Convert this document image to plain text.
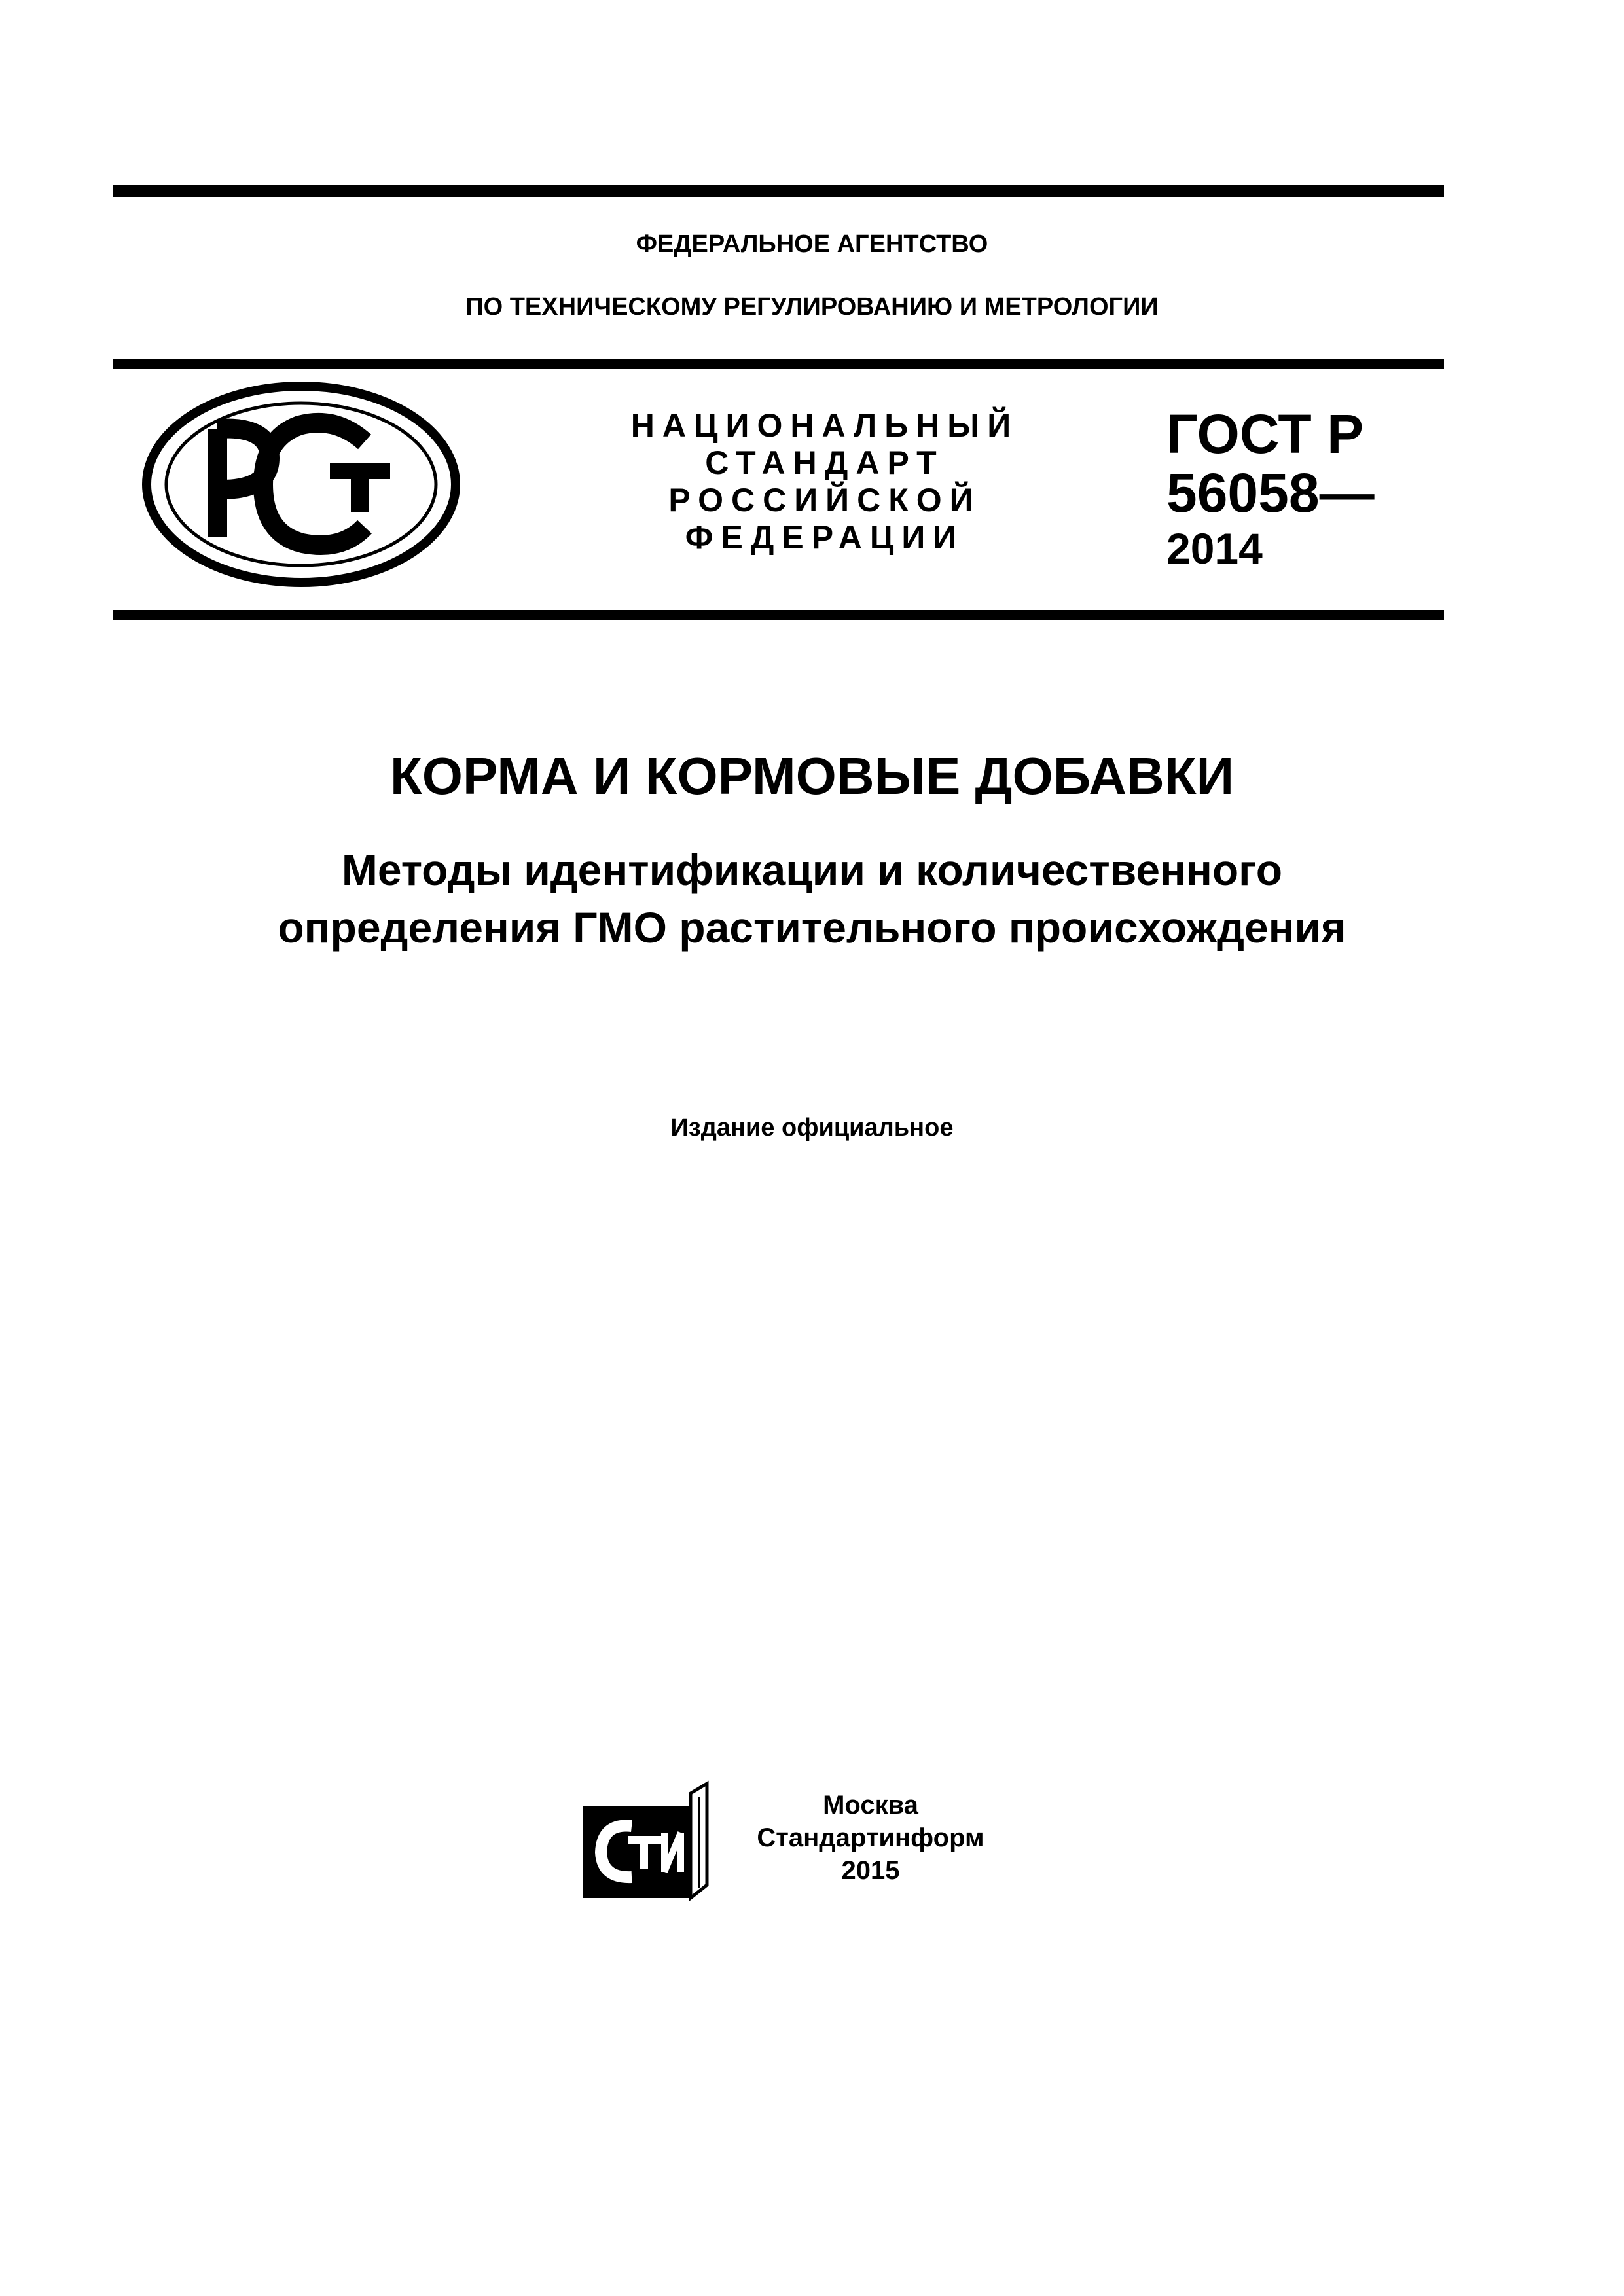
ФЕДЕРАЛЬНОЕ АГЕНТСТВО
ПО ТЕХНИЧЕСКОМУ РЕГУЛИРОВАНИЮ И МЕТРОЛОГИИ
НАЦИОНАЛЬНЫЙ
СТАНДАРТ
РОССИЙСКОЙ
ФЕДЕРАЦИИ
ГОСТ Р
56058—
2014
КОРМА И КОРМОВЫЕ ДОБАВКИ
Методы идентификации и количественного
определения ГМО растительного происхождения
Издание официальное
Москва
Стандартинформ
2015
